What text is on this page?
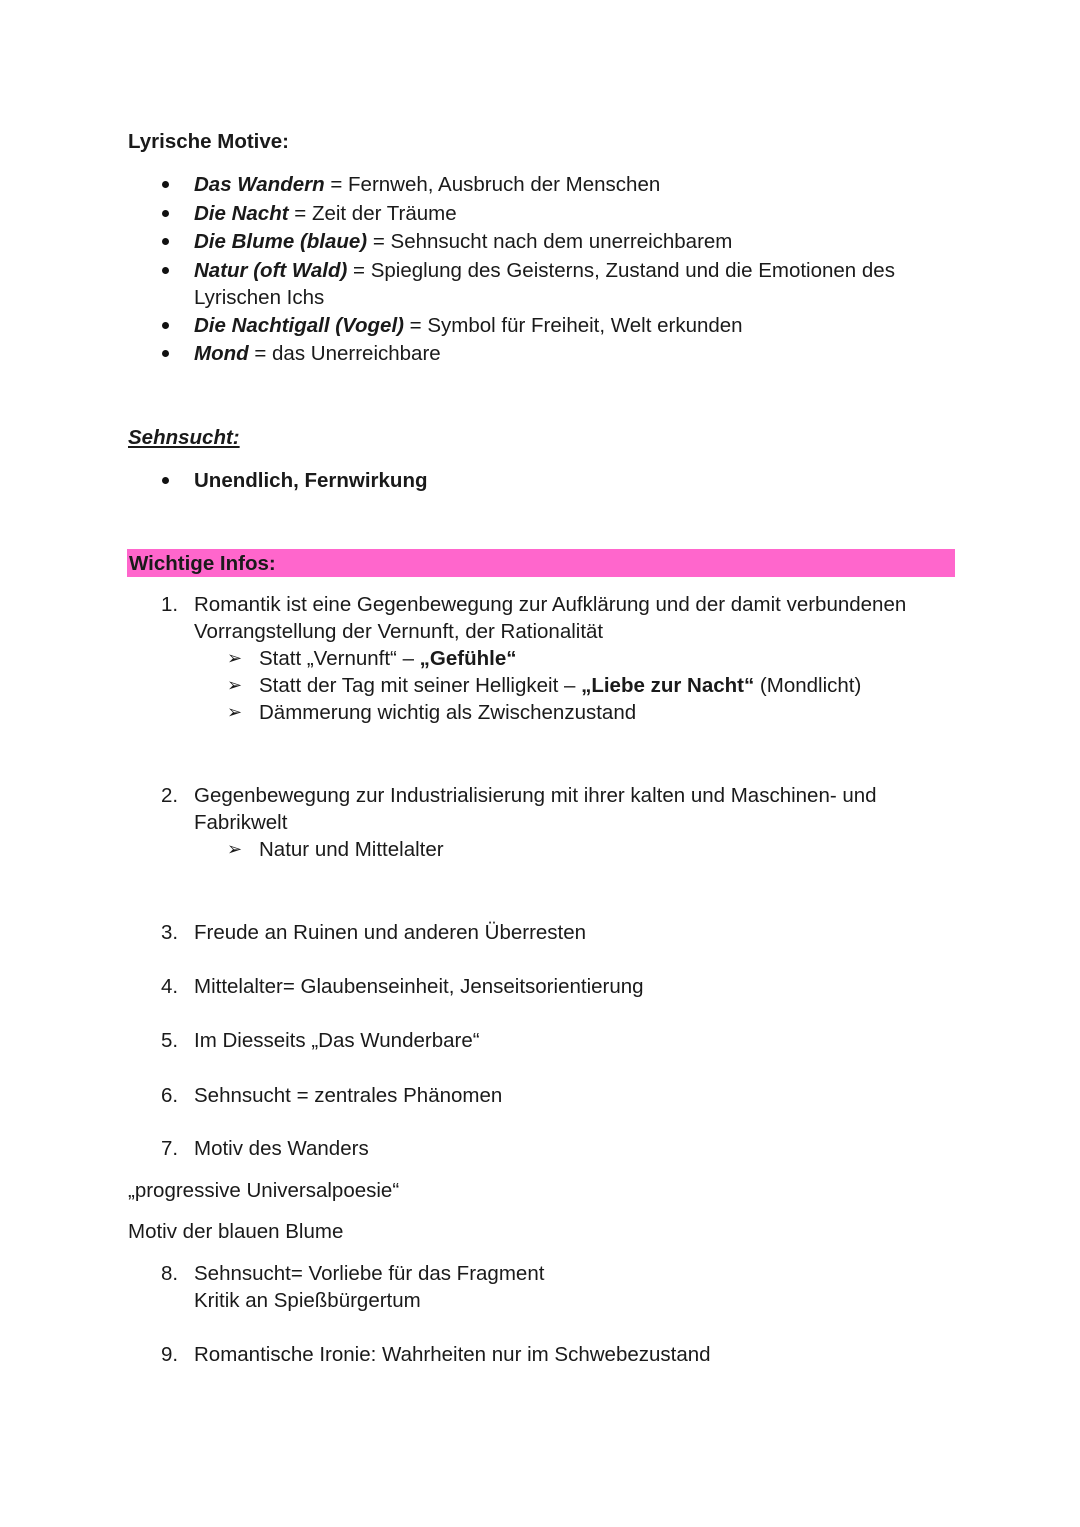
Lyrische Motive:
Das Wandern = Fernweh, Ausbruch der Menschen
Die Nacht = Zeit der Träume
Die Blume (blaue) = Sehnsucht nach dem unerreichbarem
Natur (oft Wald) = Spieglung des Geisterns, Zustand und die Emotionen des
Lyrischen Ichs
Die Nachtigall (Vogel) = Symbol für Freiheit, Welt erkunden
Mond = das Unerreichbare
Sehnsucht:
Unendlich, Fernwirkung
Wichtige Infos:
1. Romantik ist eine Gegenbewegung zur Aufklärung und der damit verbundenen
Vorrangstellung der Vernunft, der Rationalität
➢ Statt „Vernunft“ – „Gefühle“
➢ Statt der Tag mit seiner Helligkeit – „Liebe zur Nacht“ (Mondlicht)
➢ Dämmerung wichtig als Zwischenzustand
2. Gegenbewegung zur Industrialisierung mit ihrer kalten und Maschinen- und
Fabrikwelt
➢ Natur und Mittelalter
3. Freude an Ruinen und anderen Überresten
4. Mittelalter= Glaubenseinheit, Jenseitsorientierung
5. Im Diesseits „Das Wunderbare“
6. Sehnsucht = zentrales Phänomen
7. Motiv des Wanders
„progressive Universalpoesie“
Motiv der blauen Blume
8. Sehnsucht= Vorliebe für das Fragment
Kritik an Spießbürgertum
9. Romantische Ironie: Wahrheiten nur im Schwebezustand
